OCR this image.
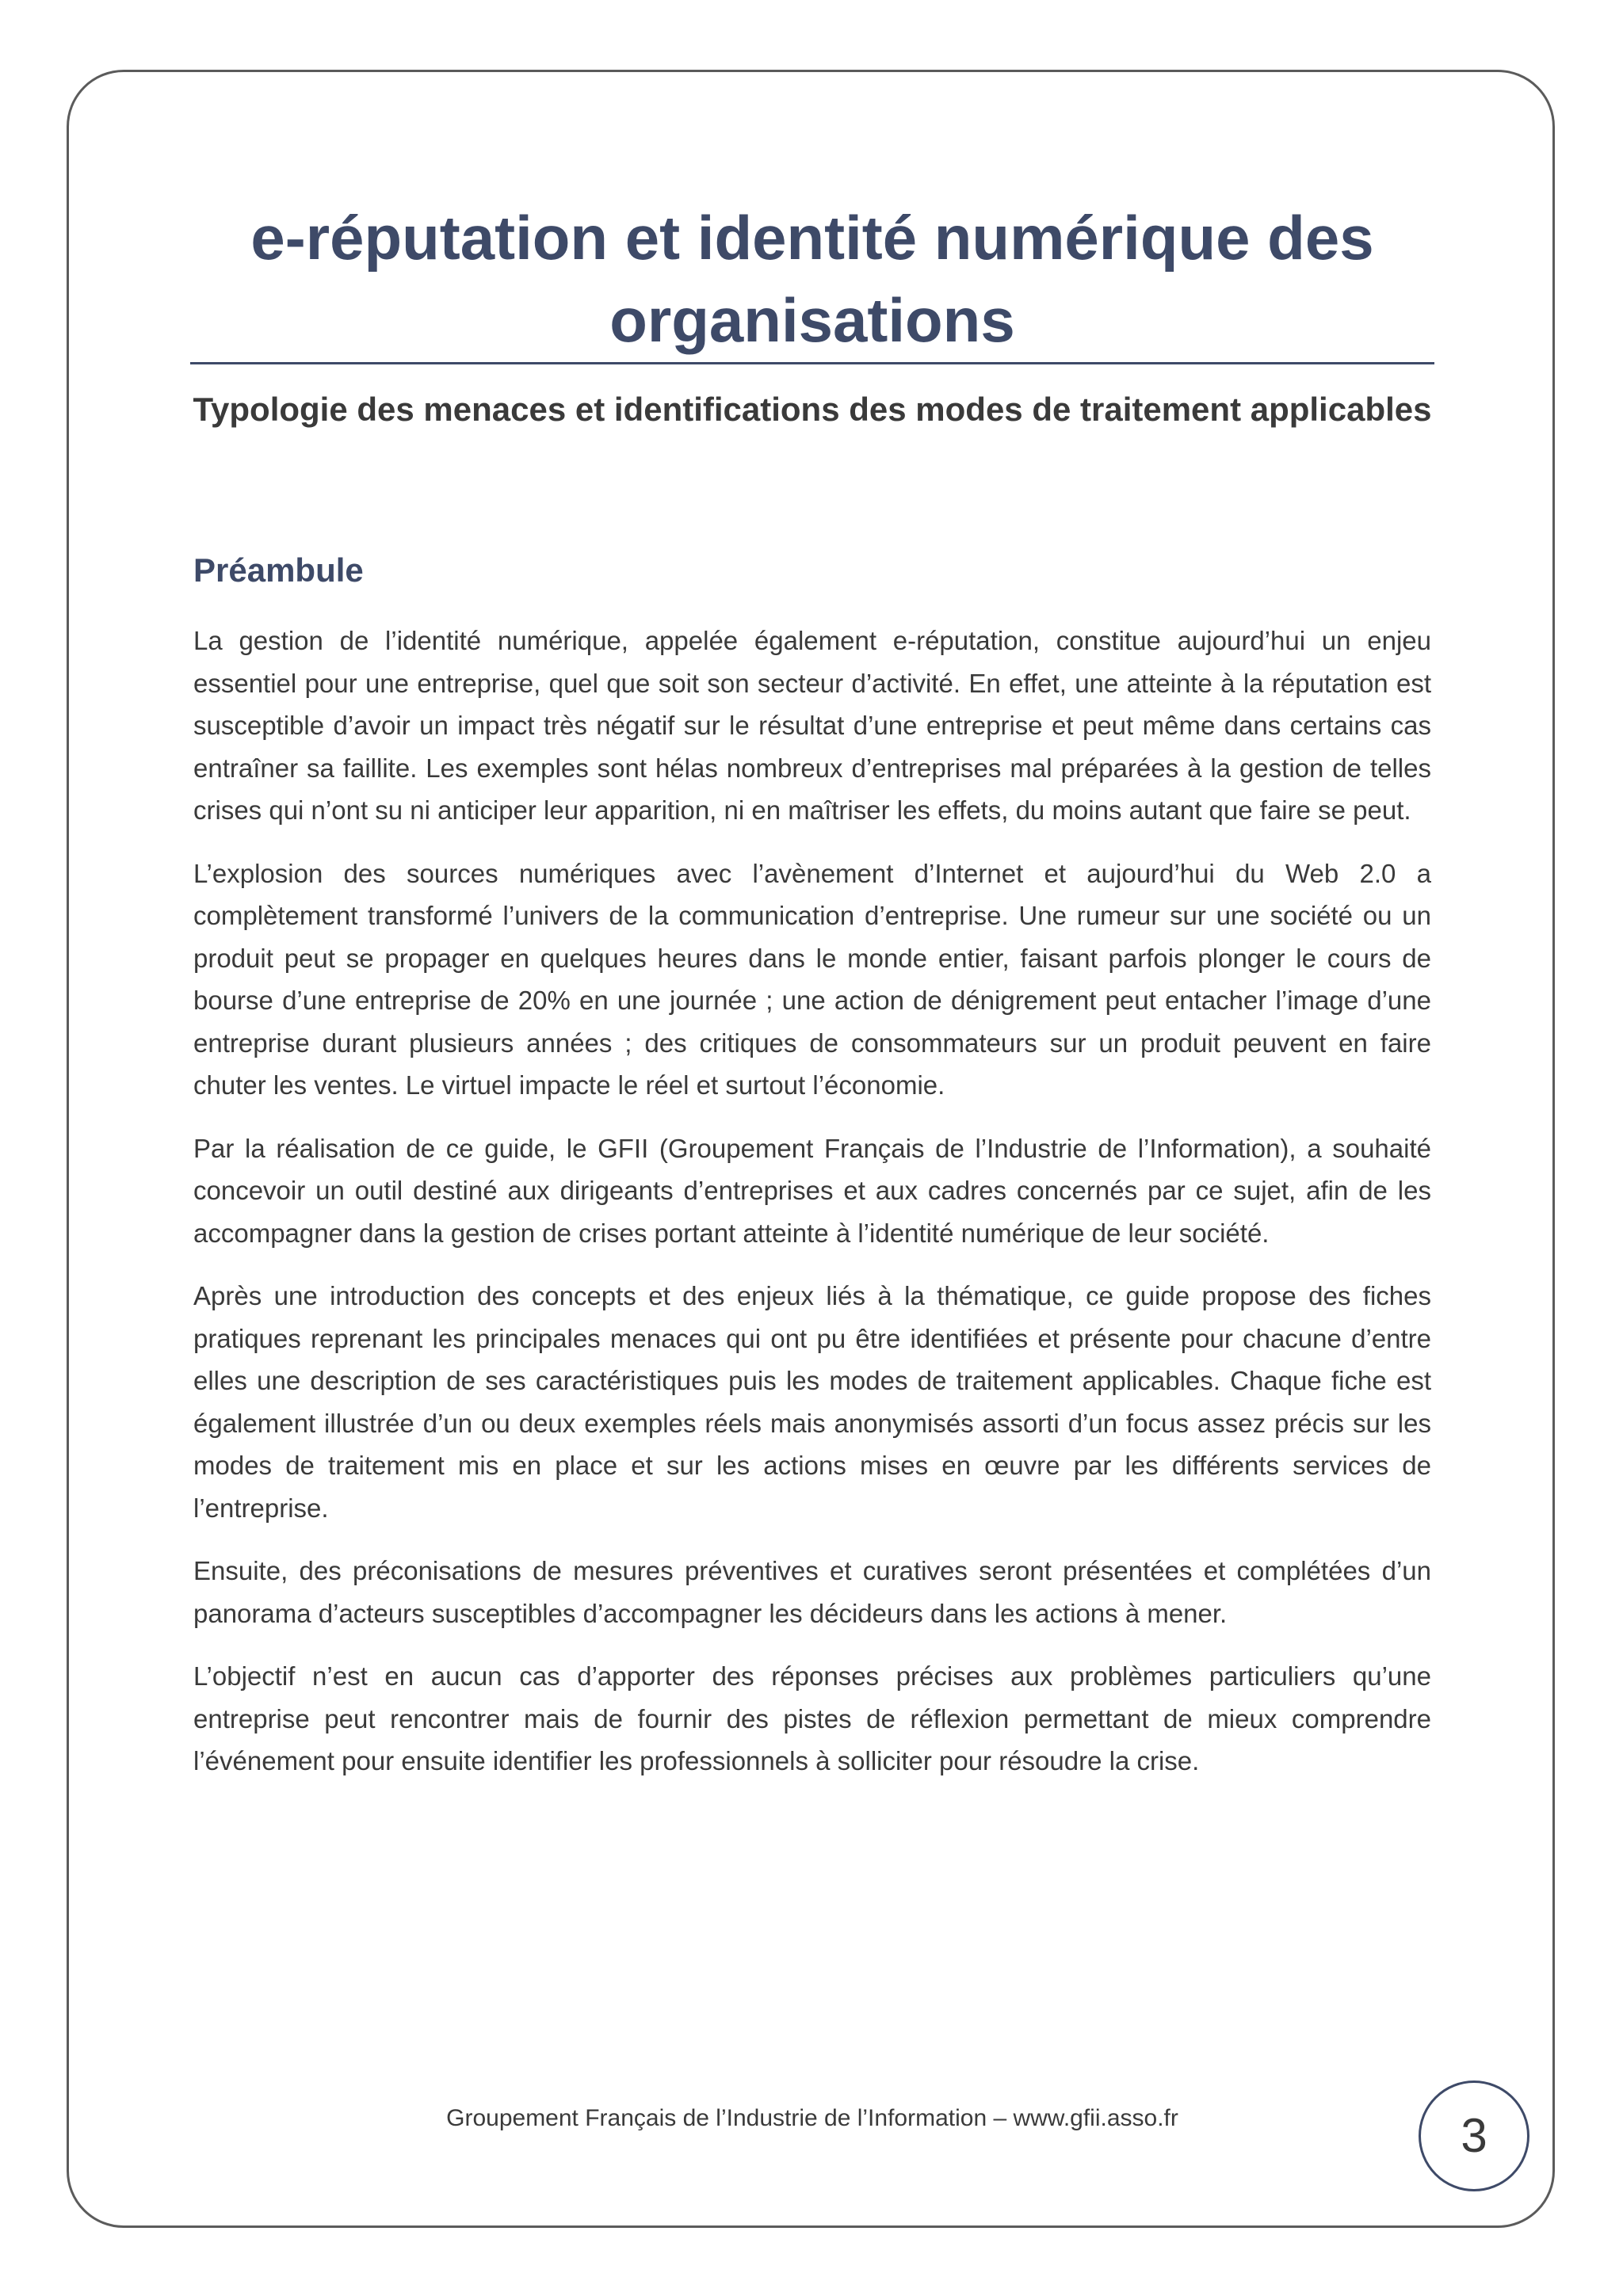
e-réputation et identité numérique des organisations
Typologie des menaces et identifications des modes de traitement applicables
Préambule

La gestion de l’identité numérique, appelée également e-réputation, constitue aujourd’hui un enjeu essentiel pour une entreprise, quel que soit son secteur d’activité. En effet, une atteinte à la réputation est susceptible d’avoir un impact très négatif sur le résultat d’une entreprise et peut même dans certains cas entraîner sa faillite. Les exemples sont hélas nombreux d’entreprises mal préparées à la gestion de telles crises qui n’ont su ni anticiper leur apparition, ni en maîtriser les effets, du moins autant que faire se peut.

L’explosion des sources numériques avec l’avènement d’Internet et aujourd’hui du Web 2.0 a complètement transformé l’univers de la communication d’entreprise. Une rumeur sur une société ou un produit peut se propager en quelques heures dans le monde entier, faisant parfois plonger le cours de bourse d’une entreprise de 20% en une journée ; une action de dénigrement peut entacher l’image d’une entreprise durant plusieurs années ; des critiques de consommateurs sur un produit peuvent en faire chuter les ventes. Le virtuel impacte le réel et surtout l’économie.

Par la réalisation de ce guide, le GFII (Groupement Français de l’Industrie de l’Information), a souhaité concevoir un outil destiné aux dirigeants d’entreprises et aux cadres concernés par ce sujet, afin de les accompagner dans la gestion de crises portant atteinte à l’identité numérique de leur société.

Après une introduction des concepts et des enjeux liés à la thématique, ce guide propose des fiches pratiques reprenant les principales menaces qui ont pu être identifiées et présente pour chacune d’entre elles une description de ses caractéristiques puis les modes de traitement applicables. Chaque fiche est également illustrée d’un ou deux exemples réels mais anonymisés assorti d’un focus assez précis sur les modes de traitement mis en place et sur les actions mises en œuvre par les différents services de l’entreprise.

Ensuite, des préconisations de mesures préventives et curatives seront présentées et complétées d’un panorama d’acteurs susceptibles d’accompagner les décideurs dans les actions à mener.

L’objectif n’est en aucun cas d’apporter des réponses précises aux problèmes particuliers qu’une entreprise peut rencontrer mais de fournir des pistes de réflexion permettant de mieux comprendre l’événement pour ensuite identifier les professionnels à solliciter pour résoudre la crise.

Groupement Français de l’Industrie de l’Information – www.gfii.asso.fr	3
